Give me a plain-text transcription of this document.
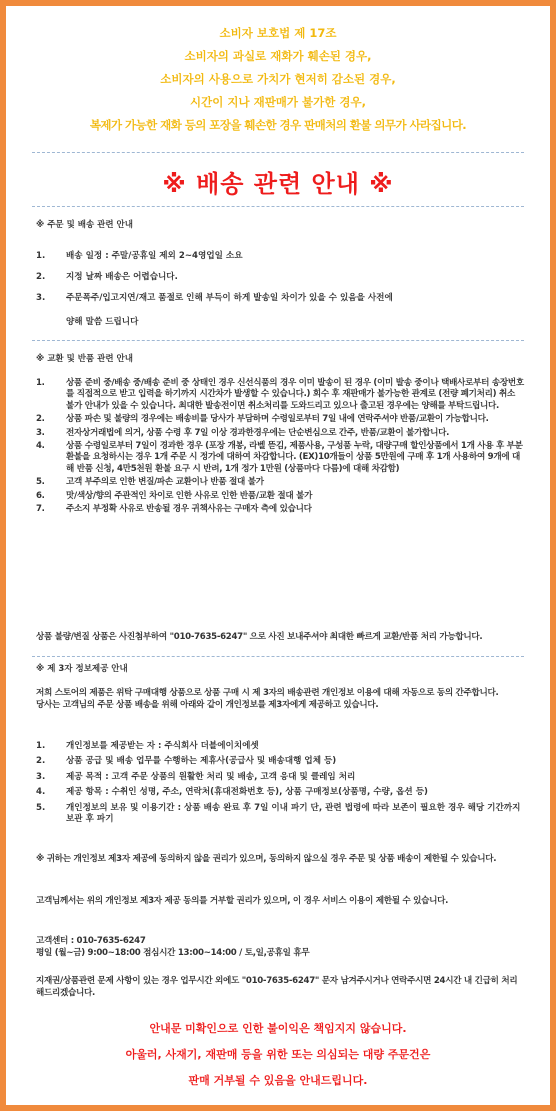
소비자 보호법 제 17조
소비자의 과실로 재화가 훼손된 경우,
소비자의 사용으로 가치가 현저히 감소된 경우,
시간이 지나 재판매가 불가한 경우,
복제가 가능한 재화 등의 포장을 훼손한 경우 판매처의 환불 의무가 사라집니다.
※ 배송 관련 안내 ※
※ 주문 및 배송 관련 안내
1. 배송 일정 : 주말/공휴일 제외 2~4영업일 소요
2. 지정 날짜 배송은 어렵습니다.
3. 주문폭주/입고지연/재고 품절로 인해 부득이 하게 발송일 차이가 있을 수 있음을 사전에
양해 말씀 드립니다
※ 교환 및 반품 관련 안내
1. 상품 준비 중/배송 중/배송 준비 중 상태인 경우 신선식품의 경우 이미 발송이 된 경우 (이미 발송 중이나 택배사로부터 송장번호를 직접적으로 받고 입력을 하기까지 시간차가 발생할 수 있습니다.) 회수 후 재판매가 불가능한 관계로 (전량 폐기처리) 취소 불가 안내가 있을 수 있습니다. 최대한 발송전이면 취소처리를 도와드리고 있으나 출고된 경우에는 양해를 부탁드립니다.
2. 상품 파손 및 불량의 경우에는 배송비를 당사가 부담하며 수령일로부터 7일 내에 연락주셔야 반품/교환이 가능합니다.
3. 전자상거래법에 의거, 상품 수령 후 7일 이상 경과한경우에는 단순변심으로 간주, 반품/교환이 불가합니다.
4. 상품 수령일로부터 7일이 경과한 경우 (포장 개봉, 라벨 뜯김, 제품사용, 구성품 누락, 대량구매 할인상품에서 1개 사용 후 부분 환불을 요청하시는 경우 1개 주문 시 정가에 대하여 차감합니다. (EX)10개들이 상품 5만원에 구매 후 1개 사용하여 9개에 대해 반품 신청, 4만5천원 환불 요구 시 반려, 1개 정가 1만원 (상품마다 다름)에 대해 차감함)
5. 고객 부주의로 인한 변질/파손 교환이나 반품 절대 불가
6. 맛/색상/향의 주관적인 차이로 인한 사유로 인한 반품/교환 절대 불가
7. 주소지 부정확 사유로 반송될 경우 귀책사유는 구매자 측에 있습니다
상품 불량/변질 상품은 사진첨부하여 "010-7635-6247" 으로 사진 보내주셔야 최대한 빠르게 교환/반품 처리 가능합니다.
※ 제 3자 정보제공 안내
저희 스토어의 제품은 위탁 구매대행 상품으로 상품 구매 시 제 3자의 배송관련 개인정보 이용에 대해 자동으로 동의 간주합니다.
당사는 고객님의 주문 상품 배송을 위해 아래와 같이 개인정보를 제3자에게 제공하고 있습니다.
1. 개인정보를 제공받는 자 : 주식회사 더블에이치에셋
2. 상품 공급 및 배송 업무를 수행하는 제휴사(공급사 및 배송대행 업체 등)
3. 제공 목적 : 고객 주문 상품의 원활한 처리 및 배송, 고객 응대 및 클레임 처리
4. 제공 항목 : 수취인 성명, 주소, 연락처(휴대전화번호 등), 상품 구매정보(상품명, 수량, 옵션 등)
5. 개인정보의 보유 및 이용기간 : 상품 배송 완료 후 7일 이내 파기 단, 관련 법령에 따라 보존이 필요한 경우 해당 기간까지 보관 후 파기
※ 귀하는 개인정보 제3자 제공에 동의하지 않을 권리가 있으며, 동의하지 않으실 경우 주문 및 상품 배송이 제한될 수 있습니다.
고객님께서는 위의 개인정보 제3자 제공 동의를 거부할 권리가 있으며, 이 경우 서비스 이용이 제한될 수 있습니다.
고객센터 : 010-7635-6247
평일 (월~금) 9:00~18:00 점심시간 13:00~14:00 / 토,일,공휴일 휴무
지재권/상품관련 문제 사항이 있는 경우 업무시간 외에도 "010-7635-6247" 문자 남겨주시거나 연락주시면 24시간 내 긴급히 처리해드리겠습니다.
안내문 미확인으로 인한 불이익은 책임지지 않습니다.
아울러, 사재기, 재판매 등을 위한 또는 의심되는 대량 주문건은
판매 거부될 수 있음을 안내드립니다.
